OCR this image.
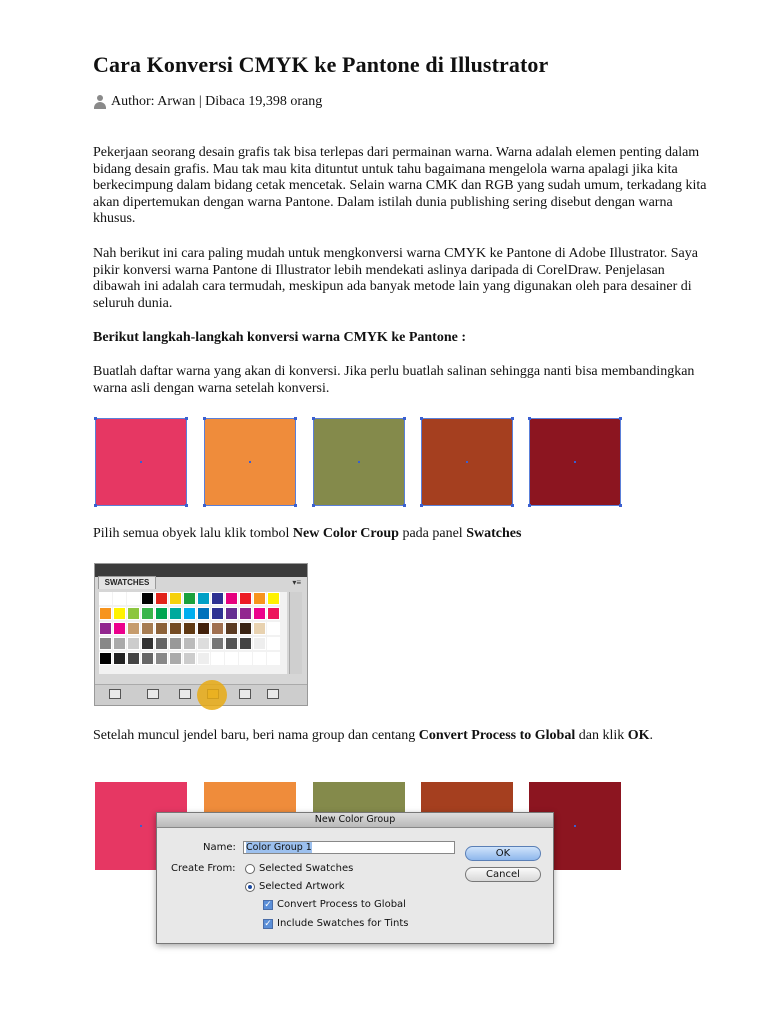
Cara Konversi CMYK ke Pantone di Illustrator
Author: Arwan | Dibaca 19,398 orang

Pekerjaan seorang desain grafis tak bisa terlepas dari permainan warna. Warna adalah elemen penting dalam bidang desain grafis. Mau tak mau kita dituntut untuk tahu bagaimana mengelola warna apalagi jika kita berkecimpung dalam bidang cetak mencetak. Selain warna CMK dan RGB yang sudah umum, terkadang kita akan dipertemukan dengan warna Pantone. Dalam istilah dunia publishing sering disebut dengan warna khusus.

Nah berikut ini cara paling mudah untuk mengkonversi warna CMYK ke Pantone di Adobe Illustrator. Saya pikir konversi warna Pantone di Illustrator lebih mendekati aslinya daripada di CorelDraw. Penjelasan dibawah ini adalah cara termudah, meskipun ada banyak metode lain yang digunakan oleh para desainer di seluruh dunia.

Berikut langkah-langkah konversi warna CMYK ke Pantone :

Buatlah daftar warna yang akan di konversi. Jika perlu buatlah salinan sehingga nanti bisa membandingkan warna asli dengan warna setelah konversi.

Pilih semua obyek lalu klik tombol New Color Croup pada panel Swatches

SWATCHES	▾≡

Setelah muncul jendel baru, beri nama group dan centang Convert Process to Global dan klik OK.

New Color Group
Name:	Color Group 1
OK
Cancel
Create From: Selected Swatches
Selected Artwork
✓ Convert Process to Global
✓ Include Swatches for Tints
